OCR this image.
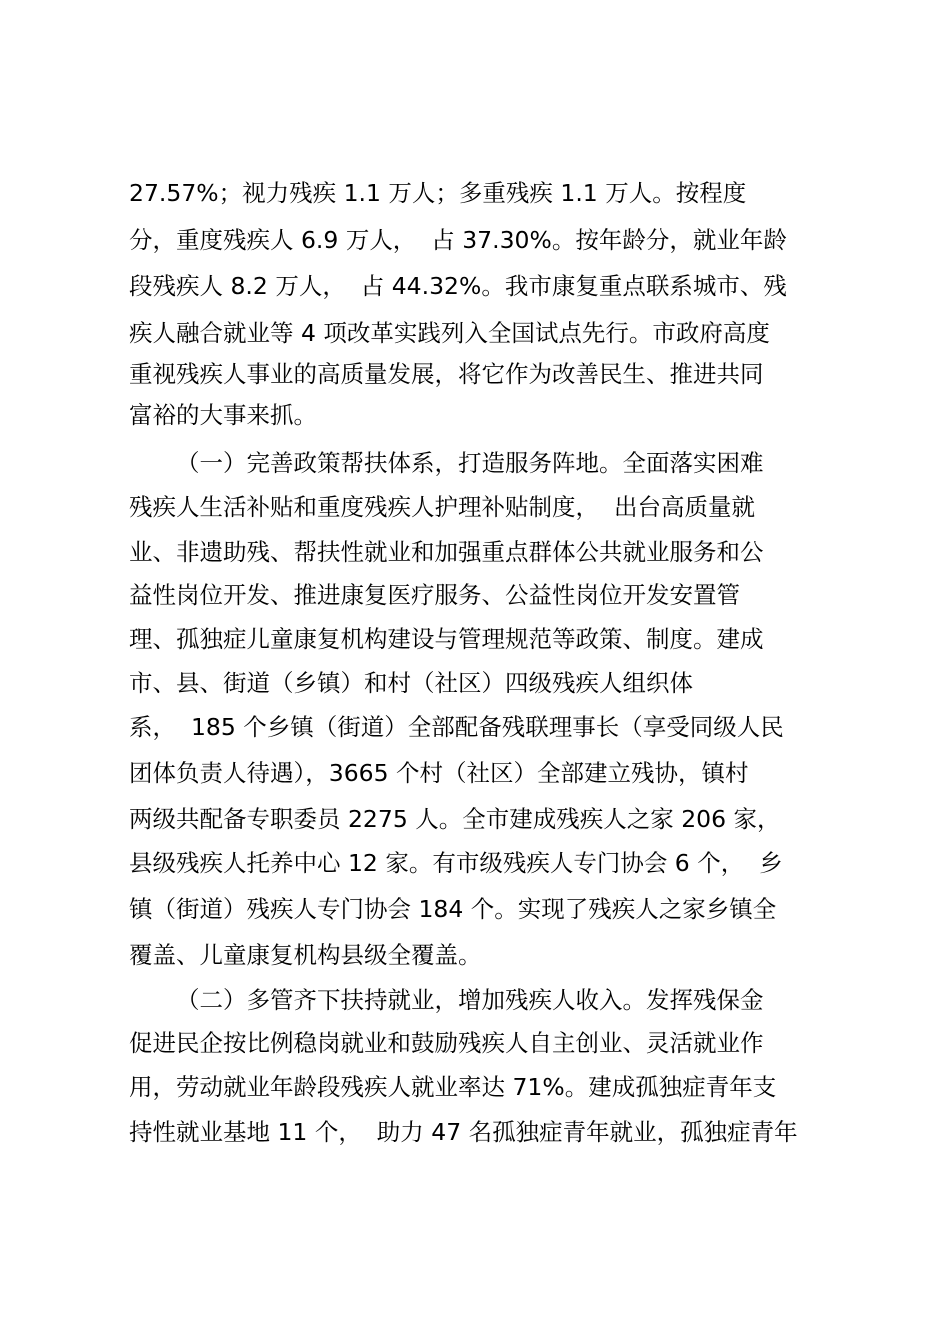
27.57%；视力残疾 1.1 万人；多重残疾 1.1 万人。按程度
分，重度残疾人 6.9 万人，  占 37.30%。按年龄分，就业年龄
段残疾人 8.2 万人，  占 44.32%。我市康复重点联系城市、残
疾人融合就业等 4 项改革实践列入全国试点先行。市政府高度
重视残疾人事业的高质量发展，将它作为改善民生、推进共同
富裕的大事来抓。
（一）完善政策帮扶体系，打造服务阵地。全面落实困难
残疾人生活补贴和重度残疾人护理补贴制度，  出台高质量就
业、非遗助残、帮扶性就业和加强重点群体公共就业服务和公
益性岗位开发、推进康复医疗服务、公益性岗位开发安置管
理、孤独症儿童康复机构建设与管理规范等政策、制度。建成
市、县、街道（乡镇）和村（社区）四级残疾人组织体
系，  185 个乡镇（街道）全部配备残联理事长（享受同级人民
团体负责人待遇），3665 个村（社区）全部建立残协，镇村
两级共配备专职委员 2275 人。全市建成残疾人之家 206 家，
县级残疾人托养中心 12 家。有市级残疾人专门协会 6 个，  乡
镇（街道）残疾人专门协会 184 个。实现了残疾人之家乡镇全
覆盖、儿童康复机构县级全覆盖。
（二）多管齐下扶持就业，增加残疾人收入。发挥残保金
促进民企按比例稳岗就业和鼓励残疾人自主创业、灵活就业作
用，劳动就业年龄段残疾人就业率达 71%。建成孤独症青年支
持性就业基地 11 个，  助力 47 名孤独症青年就业，孤独症青年
